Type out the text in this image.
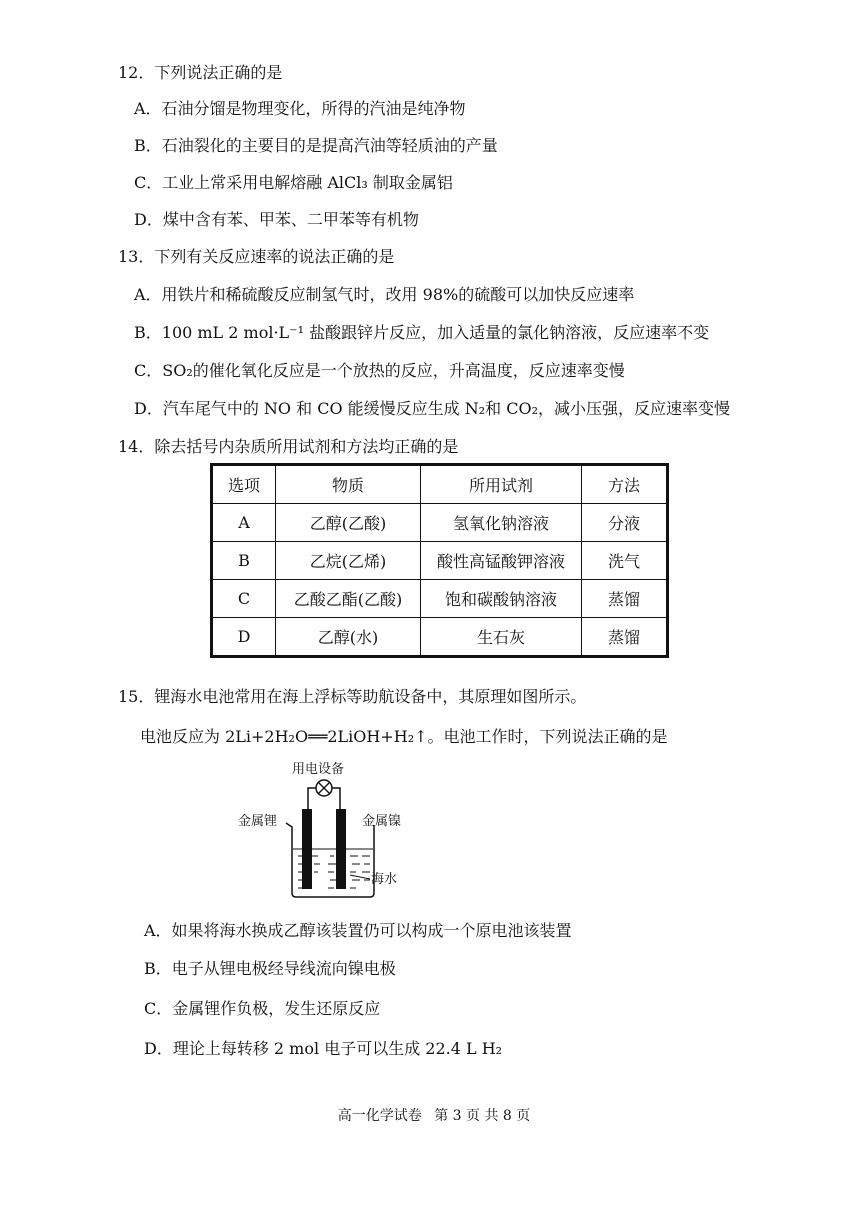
12．下列说法正确的是
A．石油分馏是物理变化，所得的汽油是纯净物
B．石油裂化的主要目的是提高汽油等轻质油的产量
C．工业上常采用电解熔融 AlCl₃ 制取金属铝
D．煤中含有苯、甲苯、二甲苯等有机物
13．下列有关反应速率的说法正确的是
A．用铁片和稀硫酸反应制氢气时，改用 98%的硫酸可以加快反应速率
B．100 mL 2 mol·L⁻¹ 盐酸跟锌片反应，加入适量的氯化钠溶液，反应速率不变
C．SO₂的催化氧化反应是一个放热的反应，升高温度，反应速率变慢
D．汽车尾气中的 NO 和 CO 能缓慢反应生成 N₂和 CO₂，减小压强，反应速率变慢
14．除去括号内杂质所用试剂和方法均正确的是
选项	物质	所用试剂	方法
A	乙醇(乙酸)	氢氧化钠溶液	分液
B	乙烷(乙烯)	酸性高锰酸钾溶液	洗气
C	乙酸乙酯(乙酸)	饱和碳酸钠溶液	蒸馏
D	乙醇(水)	生石灰	蒸馏
15．锂海水电池常用在海上浮标等助航设备中，其原理如图所示。
电池反应为 2Li+2H₂O══2LiOH+H₂↑。电池工作时，下列说法正确的是
用电设备
金属锂	金属镍
海水
A．如果将海水换成乙醇该装置仍可以构成一个原电池该装置
B．电子从锂电极经导线流向镍电极
C．金属锂作负极，发生还原反应
D．理论上每转移 2 mol 电子可以生成 22.4 L H₂
高一化学试卷 第 3 页 共 8 页
